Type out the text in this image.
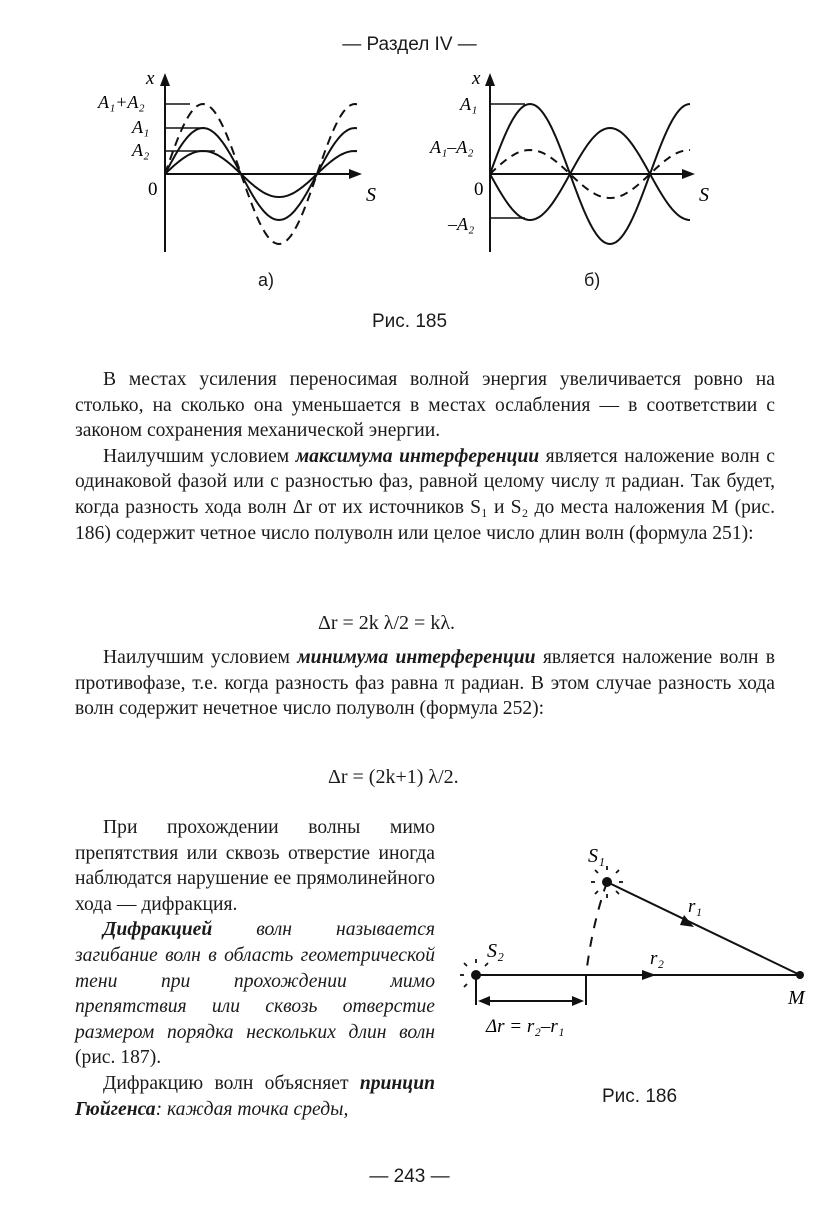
— Раздел IV —
x
A₁+A₂
A₁
A₂
0	S
x
A₁
A₁–A₂
0
–A₂
S
а)	б)
Рис. 185

В местах усиления переносимая волной энергия увеличивается ровно на столько, на сколько она уменьшается в местах ослабления — в соответствии с законом сохранения механической энергии.

Наилучшим условием максимума интерференции является наложение волн с одинаковой фазой или с разностью фаз, равной целому числу π радиан. Так будет, когда разность хода волн Δr от их источников S₁ и S₂ до места наложения M (рис. 186) содержит четное число полуволн или целое число длин волн (формула 251):

Δr = 2k λ/2 = kλ.

Наилучшим условием минимума интерференции является наложение волн в противофазе, т.е. когда разность фаз равна π радиан. В этом случае разность хода волн содержит нечетное число полуволн (формула 252):

Δr = (2k+1) λ/2.

При прохождении волны мимо препятствия или сквозь отверстие иногда наблюдатся нарушение ее прямолинейного хода — дифракция.

Дифракцией волн называется загибание волн в область геометрической тени при прохождении мимо препятствия или сквозь отверстие размером порядка нескольких длин волн (рис. 187).

Дифракцию волн объясняет принцип Гюйгенса: каждая точка среды,

S₁
S₂
M
r₁
r₂
Δr = r₂–r₁
Рис. 186
— 243 —
